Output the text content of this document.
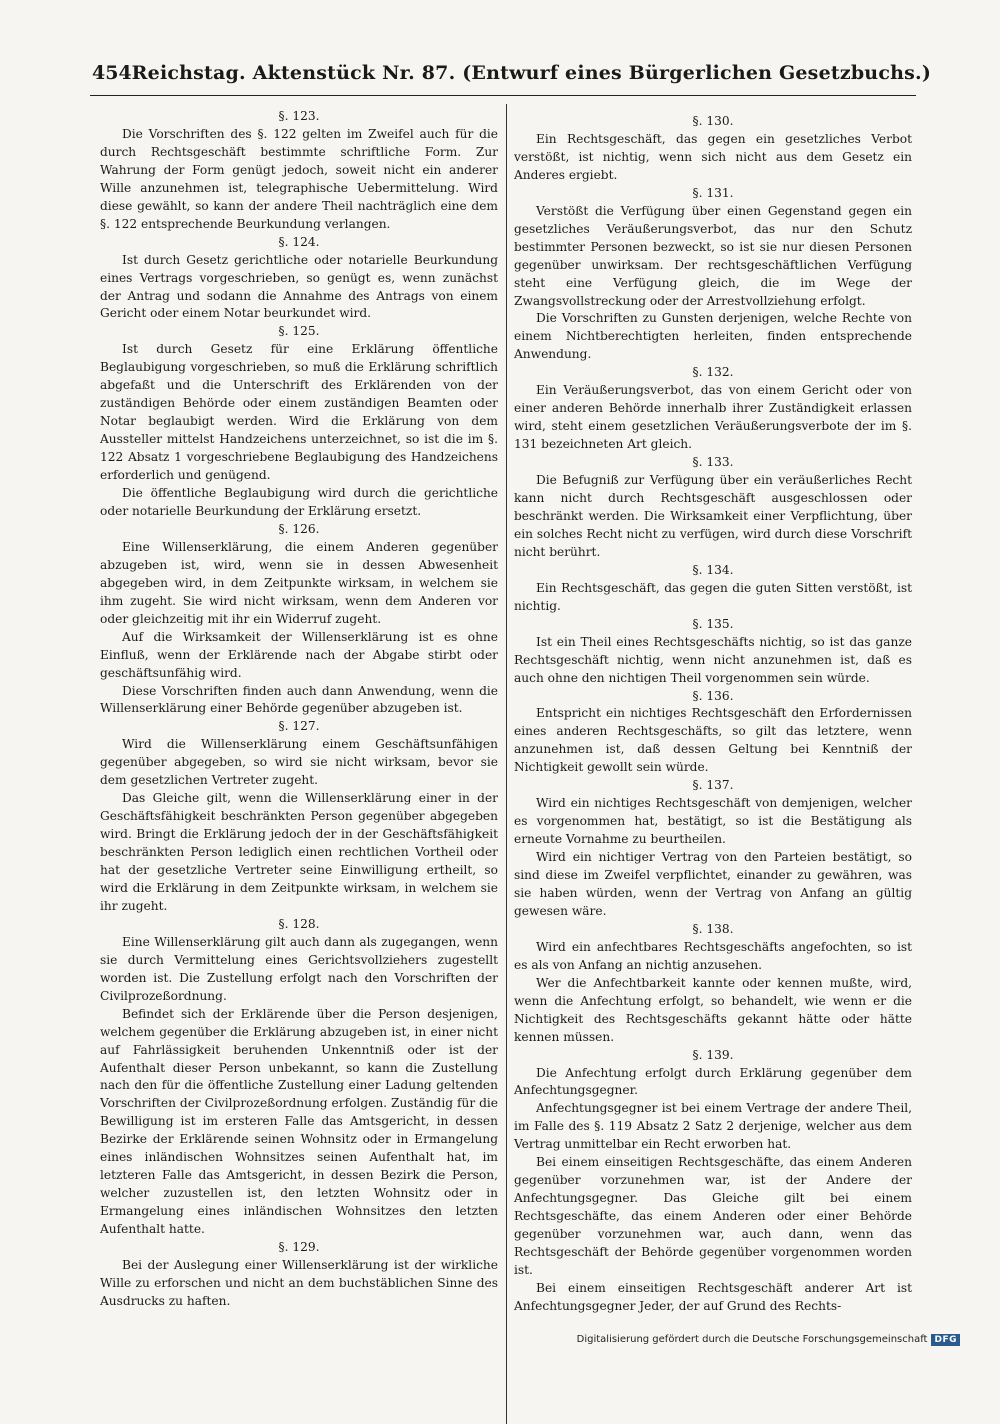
454 Reichstag. Aktenstück Nr. 87. (Entwurf eines Bürgerlichen Gesetzbuchs.)
§. 123.

Die Vorschriften des §. 122 gelten im Zweifel auch für die durch Rechtsgeschäft bestimmte schriftliche Form. Zur Wahrung der Form genügt jedoch, soweit nicht ein anderer Wille anzunehmen ist, telegraphische Uebermittelung. Wird diese gewählt, so kann der andere Theil nachträglich eine dem §. 122 entsprechende Beurkundung verlangen.

§. 124.

Ist durch Gesetz gerichtliche oder notarielle Beurkundung eines Vertrags vorgeschrieben, so genügt es, wenn zunächst der Antrag und sodann die Annahme des Antrags von einem Gericht oder einem Notar beurkundet wird.

§. 125.

Ist durch Gesetz für eine Erklärung öffentliche Beglaubigung vorgeschrieben, so muß die Erklärung schriftlich abgefaßt und die Unterschrift des Erklärenden von der zuständigen Behörde oder einem zuständigen Beamten oder Notar beglaubigt werden. Wird die Erklärung von dem Aussteller mittelst Handzeichens unterzeichnet, so ist die im §. 122 Absatz 1 vorgeschriebene Beglaubigung des Handzeichens erforderlich und genügend.

Die öffentliche Beglaubigung wird durch die gerichtliche oder notarielle Beurkundung der Erklärung ersetzt.

§. 126.

Eine Willenserklärung, die einem Anderen gegenüber abzugeben ist, wird, wenn sie in dessen Abwesenheit abgegeben wird, in dem Zeitpunkte wirksam, in welchem sie ihm zugeht. Sie wird nicht wirksam, wenn dem Anderen vor oder gleichzeitig mit ihr ein Widerruf zugeht.

Auf die Wirksamkeit der Willenserklärung ist es ohne Einfluß, wenn der Erklärende nach der Abgabe stirbt oder geschäftsunfähig wird.

Diese Vorschriften finden auch dann Anwendung, wenn die Willenserklärung einer Behörde gegenüber abzugeben ist.

§. 127.

Wird die Willenserklärung einem Geschäftsunfähigen gegenüber abgegeben, so wird sie nicht wirksam, bevor sie dem gesetzlichen Vertreter zugeht.

Das Gleiche gilt, wenn die Willenserklärung einer in der Geschäftsfähigkeit beschränkten Person gegenüber abgegeben wird. Bringt die Erklärung jedoch der in der Geschäftsfähigkeit beschränkten Person lediglich einen rechtlichen Vortheil oder hat der gesetzliche Vertreter seine Einwilligung ertheilt, so wird die Erklärung in dem Zeitpunkte wirksam, in welchem sie ihr zugeht.

§. 128.

Eine Willenserklärung gilt auch dann als zugegangen, wenn sie durch Vermittelung eines Gerichtsvollziehers zugestellt worden ist. Die Zustellung erfolgt nach den Vorschriften der Civilprozeßordnung.

Befindet sich der Erklärende über die Person desjenigen, welchem gegenüber die Erklärung abzugeben ist, in einer nicht auf Fahrlässigkeit beruhenden Unkenntniß oder ist der Aufenthalt dieser Person unbekannt, so kann die Zustellung nach den für die öffentliche Zustellung einer Ladung geltenden Vorschriften der Civilprozeßordnung erfolgen. Zuständig für die Bewilligung ist im ersteren Falle das Amtsgericht, in dessen Bezirke der Erklärende seinen Wohnsitz oder in Ermangelung eines inländischen Wohnsitzes seinen Aufenthalt hat, im letzteren Falle das Amtsgericht, in dessen Bezirk die Person, welcher zuzustellen ist, den letzten Wohnsitz oder in Ermangelung eines inländischen Wohnsitzes den letzten Aufenthalt hatte.

§. 129.

Bei der Auslegung einer Willenserklärung ist der wirkliche Wille zu erforschen und nicht an dem buchstäblichen Sinne des Ausdrucks zu haften.

§. 130.

Ein Rechtsgeschäft, das gegen ein gesetzliches Verbot verstößt, ist nichtig, wenn sich nicht aus dem Gesetz ein Anderes ergiebt.

§. 131.

Verstößt die Verfügung über einen Gegenstand gegen ein gesetzliches Veräußerungsverbot, das nur den Schutz bestimmter Personen bezweckt, so ist sie nur diesen Personen gegenüber unwirksam. Der rechtsgeschäftlichen Verfügung steht eine Verfügung gleich, die im Wege der Zwangsvollstreckung oder der Arrestvollziehung erfolgt.

Die Vorschriften zu Gunsten derjenigen, welche Rechte von einem Nichtberechtigten herleiten, finden entsprechende Anwendung.

§. 132.

Ein Veräußerungsverbot, das von einem Gericht oder von einer anderen Behörde innerhalb ihrer Zuständigkeit erlassen wird, steht einem gesetzlichen Veräußerungsverbote der im §. 131 bezeichneten Art gleich.

§. 133.

Die Befugniß zur Verfügung über ein veräußerliches Recht kann nicht durch Rechtsgeschäft ausgeschlossen oder beschränkt werden. Die Wirksamkeit einer Verpflichtung, über ein solches Recht nicht zu verfügen, wird durch diese Vorschrift nicht berührt.

§. 134.

Ein Rechtsgeschäft, das gegen die guten Sitten verstößt, ist nichtig.

§. 135.

Ist ein Theil eines Rechtsgeschäfts nichtig, so ist das ganze Rechtsgeschäft nichtig, wenn nicht anzunehmen ist, daß es auch ohne den nichtigen Theil vorgenommen sein würde.

§. 136.

Entspricht ein nichtiges Rechtsgeschäft den Erfordernissen eines anderen Rechtsgeschäfts, so gilt das letztere, wenn anzunehmen ist, daß dessen Geltung bei Kenntniß der Nichtigkeit gewollt sein würde.

§. 137.

Wird ein nichtiges Rechtsgeschäft von demjenigen, welcher es vorgenommen hat, bestätigt, so ist die Bestätigung als erneute Vornahme zu beurtheilen.

Wird ein nichtiger Vertrag von den Parteien bestätigt, so sind diese im Zweifel verpflichtet, einander zu gewähren, was sie haben würden, wenn der Vertrag von Anfang an gültig gewesen wäre.

§. 138.

Wird ein anfechtbares Rechtsgeschäfts angefochten, so ist es als von Anfang an nichtig anzusehen.

Wer die Anfechtbarkeit kannte oder kennen mußte, wird, wenn die Anfechtung erfolgt, so behandelt, wie wenn er die Nichtigkeit des Rechtsgeschäfts gekannt hätte oder hätte kennen müssen.

§. 139.

Die Anfechtung erfolgt durch Erklärung gegenüber dem Anfechtungsgegner.

Anfechtungsgegner ist bei einem Vertrage der andere Theil, im Falle des §. 119 Absatz 2 Satz 2 derjenige, welcher aus dem Vertrag unmittelbar ein Recht erworben hat.

Bei einem einseitigen Rechtsgeschäfte, das einem Anderen gegenüber vorzunehmen war, ist der Andere der Anfechtungsgegner. Das Gleiche gilt bei einem Rechtsgeschäfte, das einem Anderen oder einer Behörde gegenüber vorzunehmen war, auch dann, wenn das Rechtsgeschäft der Behörde gegenüber vorgenommen worden ist.

Bei einem einseitigen Rechtsgeschäft anderer Art ist Anfechtungsgegner Jeder, der auf Grund des Rechts-

Digitalisierung gefördert durch die Deutsche Forschungsgemeinschaft DFG
